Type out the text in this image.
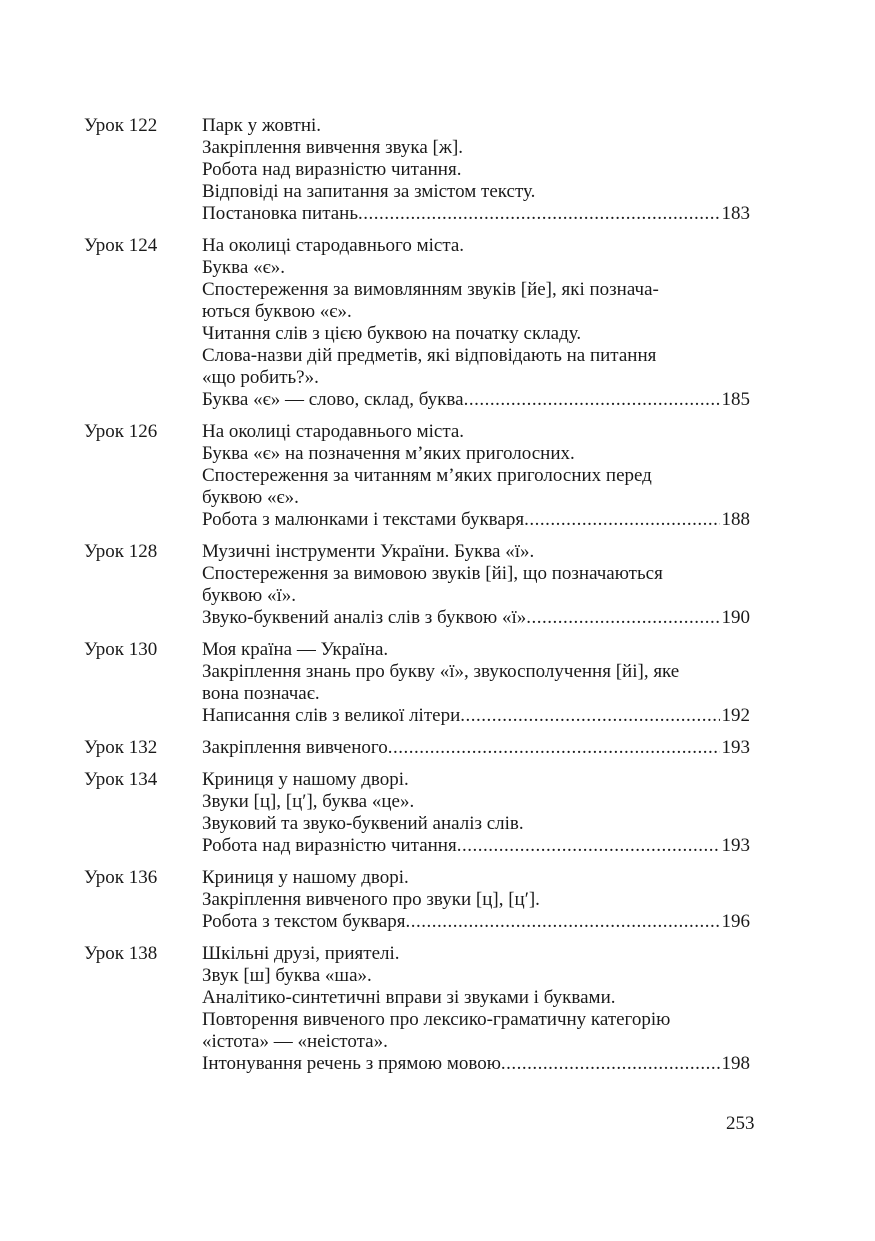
Урок 122	Парк у жовтні.
Закріплення вивчення звука [ж].
Робота над виразністю читання.
Відповіді на запитання за змістом тексту.
Постановка питань .....	183
Урок 124	На околиці стародавнього міста.
Буква «є».
Спостереження за вимовлянням звуків [йе], які познача-
ються буквою «є».
Читання слів з цією буквою на початку складу.
Слова-назви дій предметів, які відповідають на питання
«що робить?».
Буква «є» — слово, склад, буква .....	185
Урок 126	На околиці стародавнього міста.
Буква «є» на позначення м’яких приголосних.
Спостереження за читанням м’яких приголосних перед
буквою «є».
Робота з малюнками і текстами букваря .....	188
Урок 128	Музичні інструменти України. Буква «ї».
Спостереження за вимовою звуків [йі], що позначаються
буквою «ї».
Звуко-буквений аналіз слів з буквою «ї» .....	190
Урок 130	Моя країна — Україна.
Закріплення знань про букву «ї», звукосполучення [йі], яке
вона позначає.
Написання слів з великої літери .....	192
Урок 132	Закріплення вивченого .....	193
Урок 134	Криниця у нашому дворі.
Звуки [ц], [ц′], буква «це».
Звуковий та звуко-буквений аналіз слів.
Робота над виразністю читання .....	193
Урок 136	Криниця у нашому дворі.
Закріплення вивченого про звуки [ц], [ц′].
Робота з текстом букваря .....	196
Урок 138	Шкільні друзі, приятелі.
Звук [ш] буква «ша».
Аналітико-синтетичні вправи зі звуками і буквами.
Повторення вивченого про лексико-граматичну категорію
«істота» — «неістота».
Інтонування речень з прямою мовою .....	198
253
